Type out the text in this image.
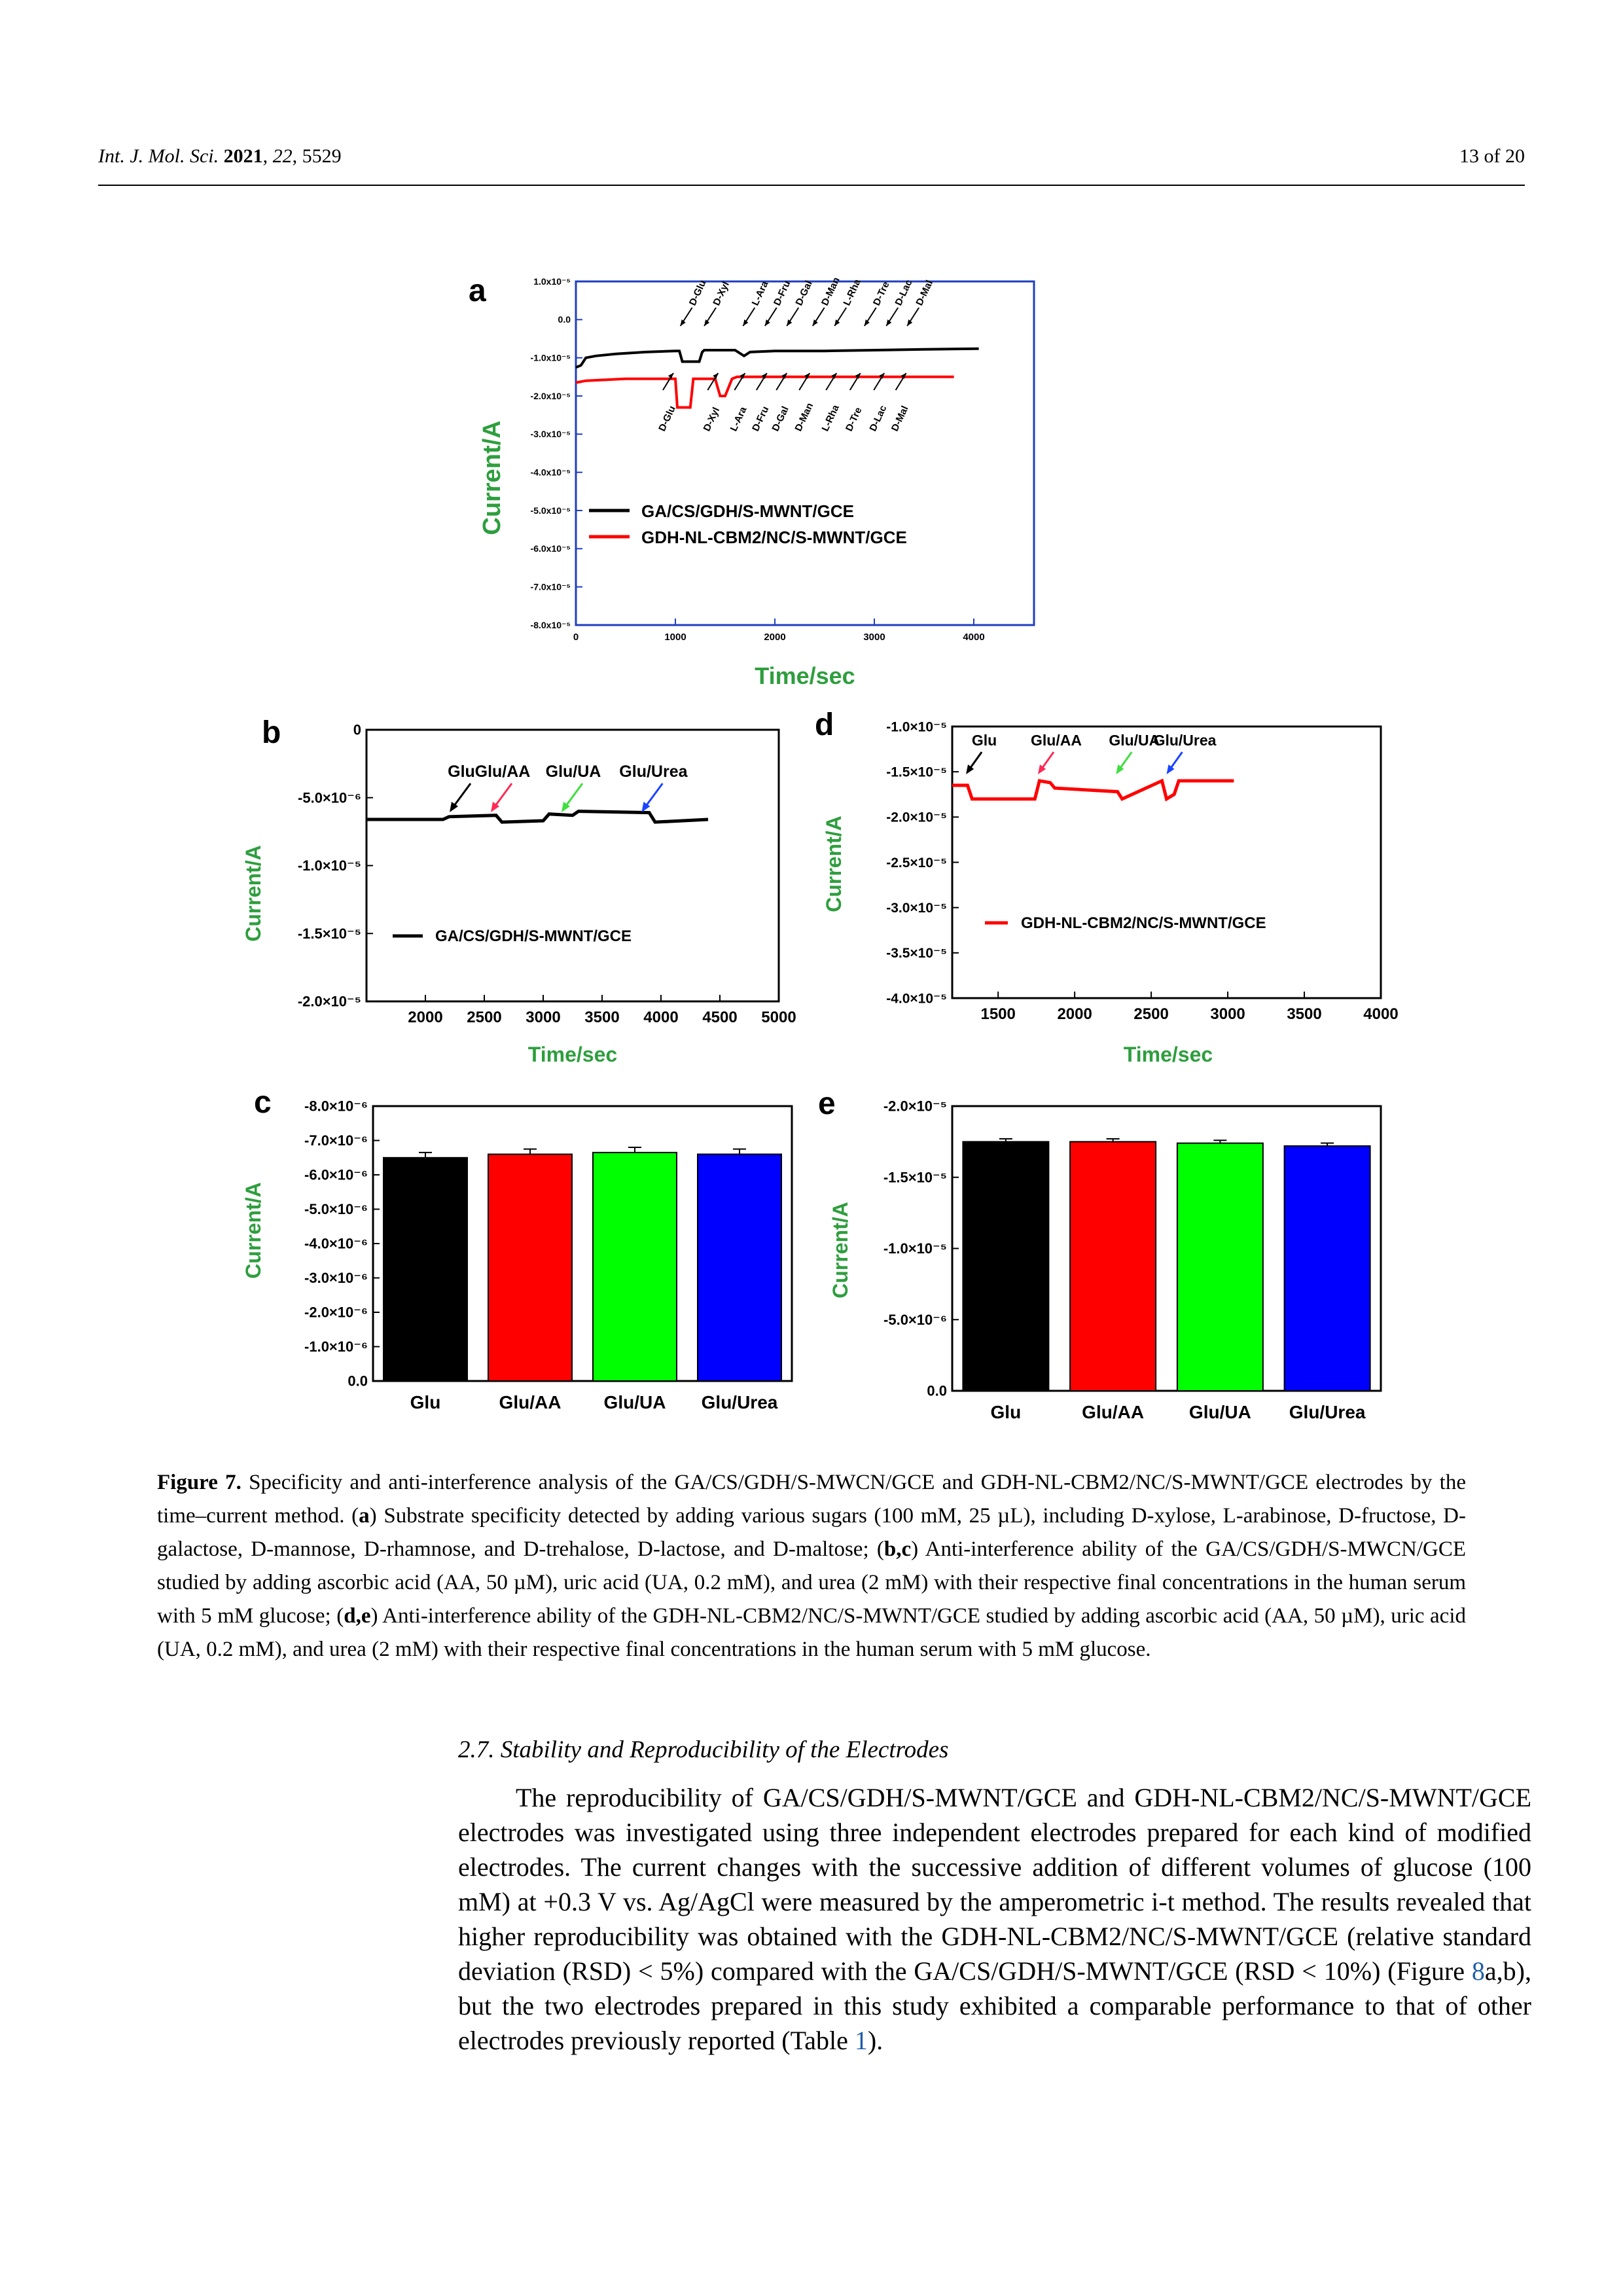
Int. J. Mol. Sci. 2021, 22, 5529	13 of 20
a
Current/A
1.0x10⁻⁵
0.0
-1.0x10⁻⁵
-2.0x10⁻⁵
-3.0x10⁻⁵
-4.0x10⁻⁵
-5.0x10⁻⁵
-6.0x10⁻⁵
-7.0x10⁻⁵
-8.0x10⁻⁵
0	1000	2000	3000	4000
D-Glu D-Xyl L-Ara D-Fru D-Gal D-Man
L-Rha D-Tre D-Lac
D-Mal
D-Glu D-Xyl L-Ara D-Fru
D-Gal D-Man L-Rha D-Tre D-Lac D-Mal
GA/CS/GDH/S-MWNT/GCE
GDH-NL-CBM2/NC/S-MWNT/GCE
Time/sec
b
Current/A
0
-5.0×10⁻⁶
-1.0×10⁻⁵
-1.5×10⁻⁵
-2.0×10⁻⁵
2000 2500 3000 3500 4000 4500 5000
Glu Glu/AA Glu/UA Glu/Urea
GA/CS/GDH/S-MWNT/GCE
Time/sec
d
Current/A
-1.0×10⁻⁵
-1.5×10⁻⁵
-2.0×10⁻⁵
-2.5×10⁻⁵
-3.0×10⁻⁵
-3.5×10⁻⁵
-4.0×10⁻⁵
1500	2000	2500	3000	3500	4000
Glu Glu/AA Glu/UA
Glu/Urea
GDH-NL-CBM2/NC/S-MWNT/GCE
Time/sec
c
Current/A
-8.0×10⁻⁶
-7.0×10⁻⁶
-6.0×10⁻⁶
-5.0×10⁻⁶
-4.0×10⁻⁶
-3.0×10⁻⁶
-2.0×10⁻⁶
-1.0×10⁻⁶
0.0
Glu	Glu/AA Glu/UA Glu/Urea
e
Current/A
-2.0×10⁻⁵
-1.5×10⁻⁵
-1.0×10⁻⁵
-5.0×10⁻⁶
0.0
Glu	Glu/AA Glu/UA Glu/Urea
Figure 7. Specificity and anti-interference analysis of the GA/CS/GDH/S-MWCN/GCE and GDH-NL-CBM2/NC/S-MWNT/GCE electrodes by the time–current method. (a) Substrate specificity detected by adding various sugars (100 mM, 25 µL), including D-xylose, L-arabinose, D-fructose, D-galactose, D-mannose, D-rhamnose, and D-trehalose, D-lactose, and D-maltose; (b,c) Anti-interference ability of the GA/CS/GDH/S-MWCN/GCE studied by adding ascorbic acid (AA, 50 µM), uric acid (UA, 0.2 mM), and urea (2 mM) with their respective final concentrations in the human serum with 5 mM glucose; (d,e) Anti-interference ability of the GDH-NL-CBM2/NC/S-MWNT/GCE studied by adding ascorbic acid (AA, 50 µM), uric acid (UA, 0.2 mM), and urea (2 mM) with their respective final concentrations in the human serum with 5 mM glucose.
2.7. Stability and Reproducibility of the Electrodes
The reproducibility of GA/CS/GDH/S-MWNT/GCE and GDH-NL-CBM2/NC/S-MWNT/GCE electrodes was investigated using three independent electrodes prepared for each kind of modified electrodes. The current changes with the successive addition of different volumes of glucose (100 mM) at +0.3 V vs. Ag/AgCl were measured by the amperometric i-t method. The results revealed that higher reproducibility was obtained with the GDH-NL-CBM2/NC/S-MWNT/GCE (relative standard deviation (RSD) < 5%) compared with the GA/CS/GDH/S-MWNT/GCE (RSD < 10%) (Figure 8a,b), but the two electrodes prepared in this study exhibited a comparable performance to that of other electrodes previously reported (Table 1).
